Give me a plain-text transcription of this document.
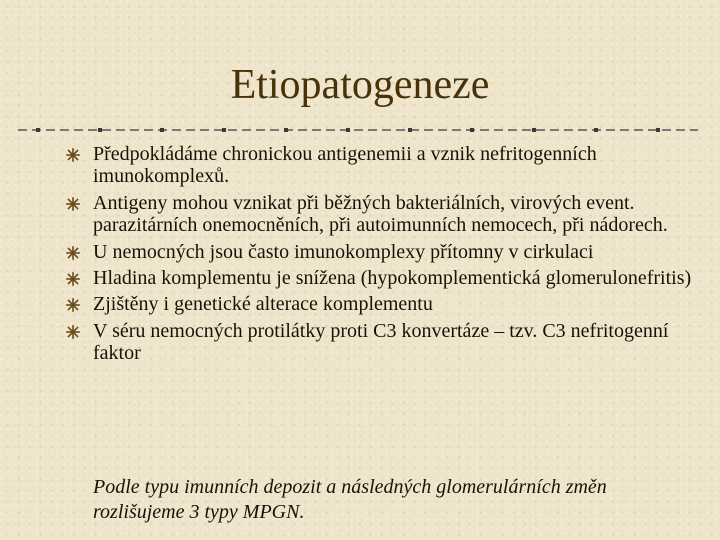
Etiopatogeneze
Předpokládáme chronickou antigenemii a vznik nefritogenních imunokomplexů.
Antigeny mohou vznikat při běžných bakteriálních, virových event. parazitárních onemocněních, při autoimunních nemocech, při nádorech.
U nemocných jsou často imunokomplexy přítomny v cirkulaci
Hladina komplementu je snížena (hypokomplementická glomerulonefritis)
Zjištěny i genetické alterace komplementu
V séru nemocných protilátky proti C3 konvertáze – tzv. C3 nefritogenní faktor
Podle typu imunních depozit a následných glomerulárních změn rozlišujeme 3 typy MPGN.
